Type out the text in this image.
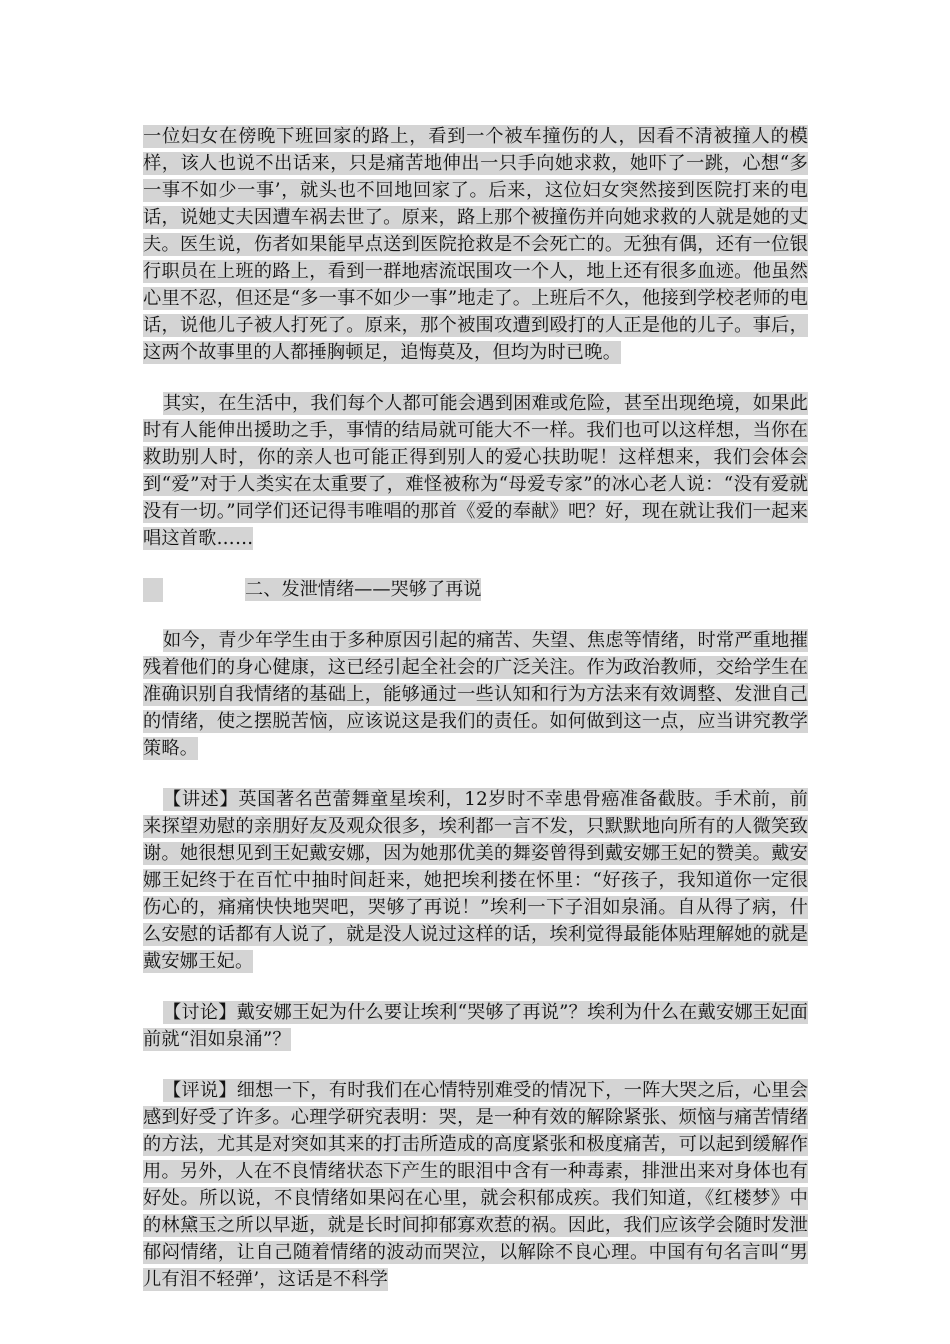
一位妇女在傍晚下班回家的路上，看到一个被车撞伤的人，因看不清被撞人的模样，该人也说不出话来，只是痛苦地伸出一只手向她求救，她吓了一跳，心想“多一事不如少一事’，就头也不回地回家了。后来，这位妇女突然接到医院打来的电话，说她丈夫因遭车祸去世了。原来，路上那个被撞伤并向她求救的人就是她的丈夫。医生说，伤者如果能早点送到医院抢救是不会死亡的。无独有偶，还有一位银行职员在上班的路上，看到一群地痞流氓围攻一个人，地上还有很多血迹。他虽然心里不忍，但还是“多一事不如少一事”地走了。上班后不久，他接到学校老师的电话，说他儿子被人打死了。原来，那个被围攻遭到殴打的人正是他的儿子。事后，这两个故事里的人都捶胸顿足，追悔莫及，但均为时已晚。

其实，在生活中，我们每个人都可能会遇到困难或危险，甚至出现绝境，如果此时有人能伸出援助之手，事情的结局就可能大不一样。我们也可以这样想，当你在救助别人时，你的亲人也可能正得到别人的爱心扶助呢！这样想来，我们会体会到“爱”对于人类实在太重要了，难怪被称为“母爱专家”的冰心老人说：“没有爱就没有一切。”同学们还记得韦唯唱的那首《爱的奉献》吧？好，现在就让我们一起来唱这首歌……

二、发泄情绪——哭够了再说

如今，青少年学生由于多种原因引起的痛苦、失望、焦虑等情绪，时常严重地摧残着他们的身心健康，这已经引起全社会的广泛关注。作为政治教师，交给学生在准确识别自我情绪的基础上，能够通过一些认知和行为方法来有效调整、发泄自己的情绪，使之摆脱苦恼，应该说这是我们的责任。如何做到这一点，应当讲究教学策略。

【讲述】英国著名芭蕾舞童星埃利，12岁时不幸患骨癌准备截肢。手术前，前来探望劝慰的亲朋好友及观众很多，埃利都一言不发，只默默地向所有的人微笑致谢。她很想见到王妃戴安娜，因为她那优美的舞姿曾得到戴安娜王妃的赞美。戴安娜王妃终于在百忙中抽时间赶来，她把埃利搂在怀里：“好孩子，我知道你一定很伤心的，痛痛快快地哭吧，哭够了再说！”埃利一下子泪如泉涌。自从得了病，什么安慰的话都有人说了，就是没人说过这样的话，埃利觉得最能体贴理解她的就是戴安娜王妃。

【讨论】戴安娜王妃为什么要让埃利“哭够了再说”？埃利为什么在戴安娜王妃面前就“泪如泉涌”？

【评说】细想一下，有时我们在心情特别难受的情况下，一阵大哭之后，心里会感到好受了许多。心理学研究表明：哭，是一种有效的解除紧张、烦恼与痛苦情绪的方法，尤其是对突如其来的打击所造成的高度紧张和极度痛苦，可以起到缓解作用。另外，人在不良情绪状态下产生的眼泪中含有一种毒素，排泄出来对身体也有好处。所以说，不良情绪如果闷在心里，就会积郁成疾。我们知道，《红楼梦》中的林黛玉之所以早逝，就是长时间抑郁寡欢惹的祸。因此，我们应该学会随时发泄郁闷情绪，让自己随着情绪的波动而哭泣，以解除不良心理。中国有句名言叫“男儿有泪不轻弹’，这话是不科学
